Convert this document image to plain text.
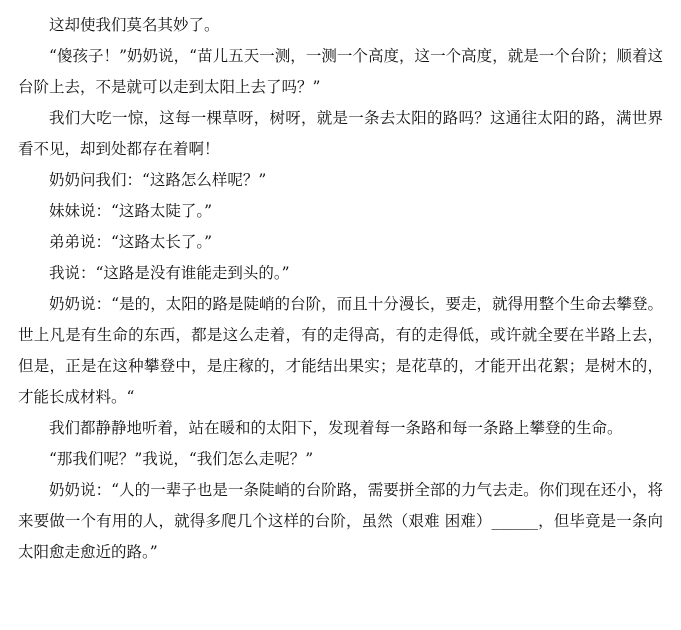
这却使我们莫名其妙了。

“傻孩子！”奶奶说，“苗儿五天一测，一测一个高度，这一个高度，就是一个台阶；顺着这台阶上去，不是就可以走到太阳上去了吗？”

我们大吃一惊，这每一棵草呀，树呀，就是一条去太阳的路吗？这通往太阳的路，满世界看不见，却到处都存在着啊！

奶奶问我们：“这路怎么样呢？”

妹妹说：“这路太陡了。”

弟弟说：“这路太长了。”

我说：“这路是没有谁能走到头的。”

奶奶说：“是的，太阳的路是陡峭的台阶，而且十分漫长，要走，就得用整个生命去攀登。世上凡是有生命的东西，都是这么走着，有的走得高，有的走得低，或许就全要在半路上去，但是，正是在这种攀登中，是庄稼的，才能结出果实；是花草的，才能开出花絮；是树木的，才能长成材料。“

我们都静静地听着，站在暖和的太阳下，发现着每一条路和每一条路上攀登的生命。

“那我们呢？”我说，“我们怎么走呢？”

奶奶说：“人的一辈子也是一条陡峭的台阶路，需要拼全部的力气去走。你们现在还小，将来要做一个有用的人，就得多爬几个这样的台阶，虽然（艰难 困难）______，但毕竟是一条向太阳愈走愈近的路。”
